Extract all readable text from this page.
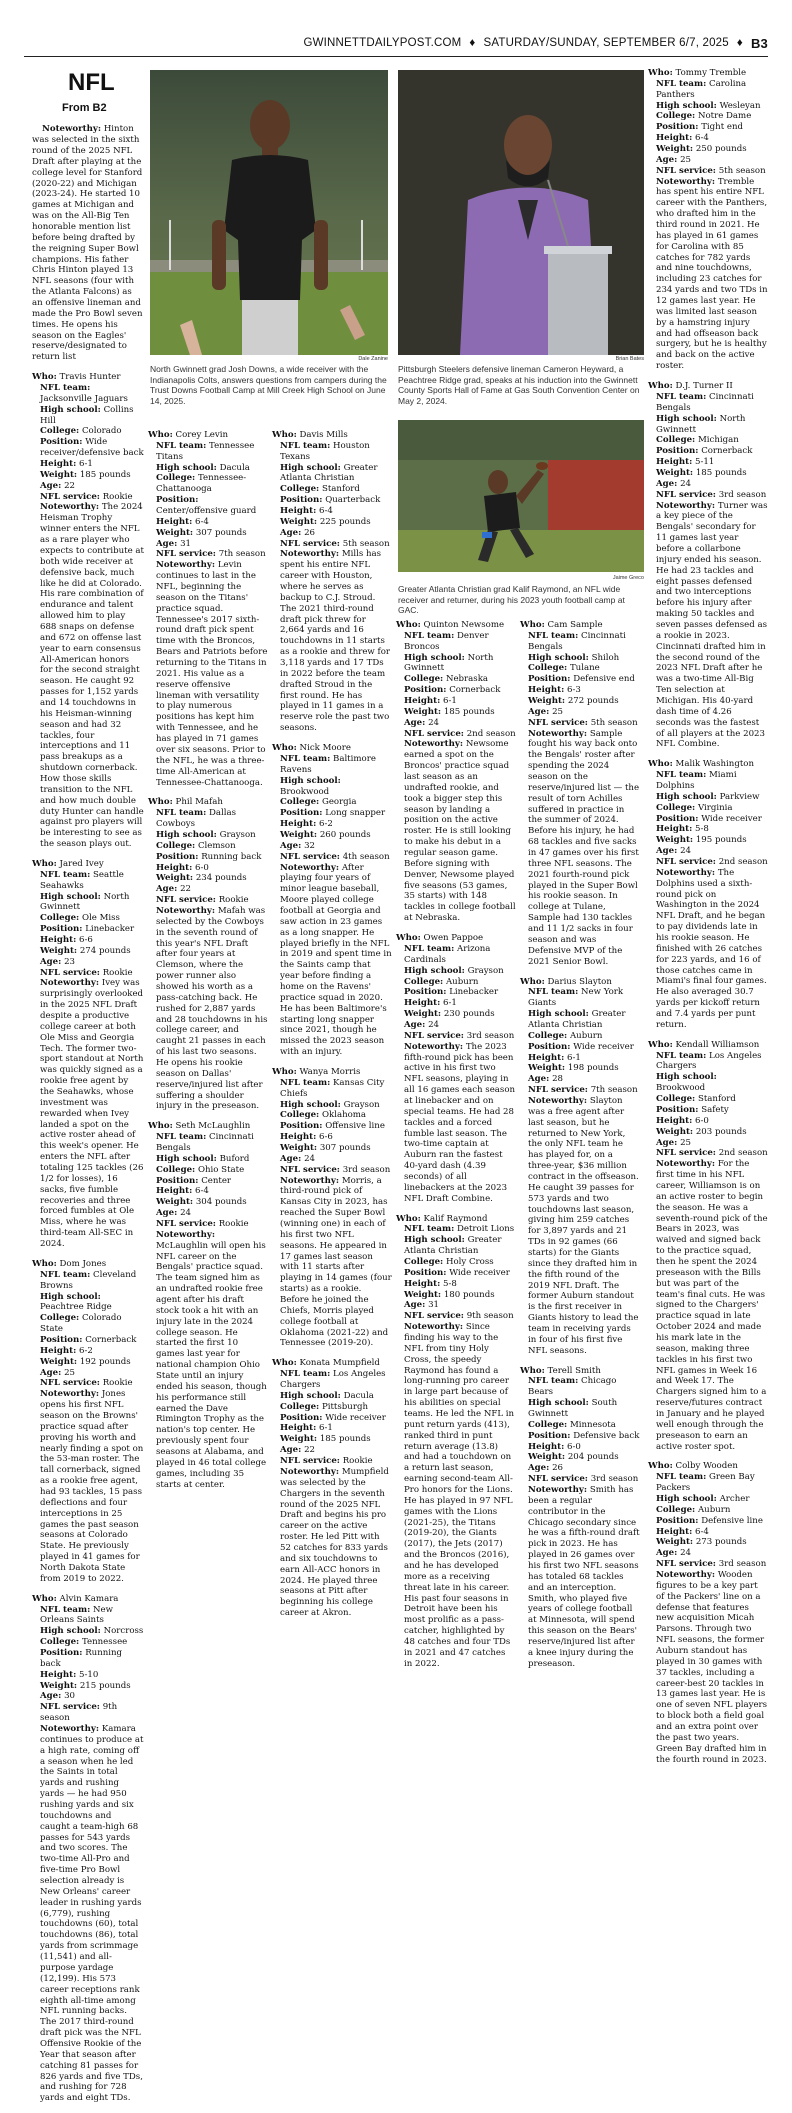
GWINNETTDAILYPOST.COM ♦ SATURDAY/SUNDAY, SEPTEMBER 6/7, 2025 ♦ B3
Dale Zanine
North Gwinnett grad Josh Downs, a wide receiver with the Indianapolis Colts, answers questions from campers during the Trust Downs Football Camp at Mill Creek High School on June 14, 2025.
Brian Bates
Pittsburgh Steelers defensive lineman Cameron Heyward, a Peachtree Ridge grad, speaks at his induction into the Gwinnett County Sports Hall of Fame at Gas South Convention Center on May 2, 2024.
Jaime Greco
Greater Atlanta Christian grad Kalif Raymond, an NFL wide receiver and returner, during his 2023 youth football camp at GAC.
NFL
From B2

Noteworthy: Hinton was selected in the sixth round of the 2025 NFL Draft after playing at the college level for Stanford (2020-22) and Michigan (2023-24). He started 10 games at Michigan and was on the All-Big Ten honorable mention list before being drafted by the reigning Super Bowl champions. His father Chris Hinton played 13 NFL seasons (four with the Atlanta Falcons) as an offensive lineman and made the Pro Bowl seven times. He opens his season on the Eagles' reserve/designated to return list

Who: Travis Hunter
NFL team: Jacksonville Jaguars
High school: Collins Hill
College: Colorado
Position: Wide receiver/defensive back
Height: 6-1
Weight: 185 pounds
Age: 22
NFL service: Rookie
Noteworthy: The 2024 Heisman Trophy winner enters the NFL as a rare player who expects to contribute at both wide receiver at defensive back, much like he did at Colorado. His rare combination of endurance and talent allowed him to play 688 snaps on defense and 672 on offense last year to earn consensus All-American honors for the second straight season. He caught 92 passes for 1,152 yards and 14 touchdowns in his Heisman-winning season and had 32 tackles, four interceptions and 11 pass breakups as a shutdown cornerback. How those skills transition to the NFL and how much double duty Hunter can handle against pro players will be interesting to see as the season plays out.
Who: Jared Ivey
NFL team: Seattle Seahawks
High school: North Gwinnett
College: Ole Miss
Position: Linebacker
Height: 6-6
Weight: 274 pounds
Age: 23
NFL service: Rookie
Noteworthy: Ivey was surprisingly overlooked in the 2025 NFL Draft despite a productive college career at both Ole Miss and Georgia Tech. The former two-sport standout at North was quickly signed as a rookie free agent by the Seahawks, whose investment was rewarded when Ivey landed a spot on the active roster ahead of this week's opener. He enters the NFL after totaling 125 tackles (26 1/2 for losses), 16 sacks, five fumble recoveries and three forced fumbles at Ole Miss, where he was third-team All-SEC in 2024.
Who: Dom Jones
NFL team: Cleveland Browns
High school: Peachtree Ridge
College: Colorado State
Position: Cornerback
Height: 6-2
Weight: 192 pounds
Age: 25
NFL service: Rookie
Noteworthy: Jones opens his first NFL season on the Browns' practice squad after proving his worth and nearly finding a spot on the 53-man roster. The tall cornerback, signed as a rookie free agent, had 93 tackles, 15 pass deflections and four interceptions in 25 games the past season seasons at Colorado State. He previously played in 41 games for North Dakota State from 2019 to 2022.
Who: Alvin Kamara
NFL team: New Orleans Saints
High school: Norcross
College: Tennessee
Position: Running back
Height: 5-10
Weight: 215 pounds
Age: 30
NFL service: 9th season
Noteworthy: Kamara continues to produce at a high rate, coming off a season when he led the Saints in total yards and rushing yards — he had 950 rushing yards and six touchdowns and caught a team-high 68 passes for 543 yards and two scores. The two-time All-Pro and five-time Pro Bowl selection already is New Orleans' career leader in rushing yards (6,779), rushing touchdowns (60), total touchdowns (86), total yards from scrimmage (11,541) and all-purpose yardage (12,199). His 573 career receptions rank eighth all-time among NFL running backs. The 2017 third-round draft pick was the NFL Offensive Rookie of the Year that season after catching 81 passes for 826 yards and five TDs, and rushing for 728 yards and eight TDs.
Who: Corey Levin
NFL team: Tennessee Titans
High school: Dacula
College: Tennessee-Chattanooga
Position: Center/offensive guard
Height: 6-4
Weight: 307 pounds
Age: 31
NFL service: 7th season
Noteworthy: Levin continues to last in the NFL, beginning the season on the Titans' practice squad. Tennessee's 2017 sixth-round draft pick spent time with the Broncos, Bears and Patriots before returning to the Titans in 2021. His value as a reserve offensive lineman with versatility to play numerous positions has kept him with Tennessee, and he has played in 71 games over six seasons. Prior to the NFL, he was a three-time All-American at Tennessee-Chattanooga.
Who: Phil Mafah
NFL team: Dallas Cowboys
High school: Grayson
College: Clemson
Position: Running back
Height: 6-0
Weight: 234 pounds
Age: 22
NFL service: Rookie
Noteworthy: Mafah was selected by the Cowboys in the seventh round of this year's NFL Draft after four years at Clemson, where the power runner also showed his worth as a pass-catching back. He rushed for 2,887 yards and 28 touchdowns in his college career, and caught 21 passes in each of his last two seasons. He opens his rookie season on Dallas' reserve/injured list after suffering a shoulder injury in the preseason.
Who: Seth McLaughlin
NFL team: Cincinnati Bengals
High school: Buford
College: Ohio State
Position: Center
Height: 6-4
Weight: 304 pounds
Age: 24
NFL service: Rookie
Noteworthy: McLaughlin will open his NFL career on the Bengals' practice squad. The team signed him as an undrafted rookie free agent after his draft stock took a hit with an injury late in the 2024 college season. He started the first 10 games last year for national champion Ohio State until an injury ended his season, though his performance still earned the Dave Rimington Trophy as the nation's top center. He previously spent four seasons at Alabama, and played in 46 total college games, including 35 starts at center.
Who: Davis Mills
NFL team: Houston Texans
High school: Greater Atlanta Christian
College: Stanford
Position: Quarterback
Height: 6-4
Weight: 225 pounds
Age: 26
NFL service: 5th season
Noteworthy: Mills has spent his entire NFL career with Houston, where he serves as backup to C.J. Stroud. The 2021 third-round draft pick threw for 2,664 yards and 16 touchdowns in 11 starts as a rookie and threw for 3,118 yards and 17 TDs in 2022 before the team drafted Stroud in the first round. He has played in 11 games in a reserve role the past two seasons.
Who: Nick Moore
NFL team: Baltimore Ravens
High school: Brookwood
College: Georgia
Position: Long snapper
Height: 6-2
Weight: 260 pounds
Age: 32
NFL service: 4th season
Noteworthy: After playing four years of minor league baseball, Moore played college football at Georgia and saw action in 23 games as a long snapper. He played briefly in the NFL in 2019 and spent time in the Saints camp that year before finding a home on the Ravens' practice squad in 2020. He has been Baltimore's starting long snapper since 2021, though he missed the 2023 season with an injury.
Who: Wanya Morris
NFL team: Kansas City Chiefs
High school: Grayson
College: Oklahoma
Position: Offensive line
Height: 6-6
Weight: 307 pounds
Age: 24
NFL service: 3rd season
Noteworthy: Morris, a third-round pick of Kansas City in 2023, has reached the Super Bowl (winning one) in each of his first two NFL seasons. He appeared in 17 games last season with 11 starts after playing in 14 games (four starts) as a rookie. Before he joined the Chiefs, Morris played college football at Oklahoma (2021-22) and Tennessee (2019-20).
Who: Konata Mumpfield
NFL team: Los Angeles Chargers
High school: Dacula
College: Pittsburgh
Position: Wide receiver
Height: 6-1
Weight: 185 pounds
Age: 22
NFL service: Rookie
Noteworthy: Mumpfield was selected by the Chargers in the seventh round of the 2025 NFL Draft and begins his pro career on the active roster. He led Pitt with 52 catches for 833 yards and six touchdowns to earn All-ACC honors in 2024. He played three seasons at Pitt after beginning his college career at Akron.
Who: Quinton Newsome
NFL team: Denver Broncos
High school: North Gwinnett
College: Nebraska
Position: Cornerback
Height: 6-1
Weight: 185 pounds
Age: 24
NFL service: 2nd season
Noteworthy: Newsome earned a spot on the Broncos' practice squad last season as an undrafted rookie, and took a bigger step this season by landing a position on the active roster. He is still looking to make his debut in a regular season game. Before signing with Denver, Newsome played five seasons (53 games, 35 starts) with 148 tackles in college football at Nebraska.
Who: Owen Pappoe
NFL team: Arizona Cardinals
High school: Grayson
College: Auburn
Position: Linebacker
Height: 6-1
Weight: 230 pounds
Age: 24
NFL service: 3rd season
Noteworthy: The 2023 fifth-round pick has been active in his first two NFL seasons, playing in all 16 games each season at linebacker and on special teams. He had 28 tackles and a forced fumble last season. The two-time captain at Auburn ran the fastest 40-yard dash (4.39 seconds) of all linebackers at the 2023 NFL Draft Combine.
Who: Kalif Raymond
NFL team: Detroit Lions
High school: Greater Atlanta Christian
College: Holy Cross
Position: Wide receiver
Height: 5-8
Weight: 180 pounds
Age: 31
NFL service: 9th season
Noteworthy: Since finding his way to the NFL from tiny Holy Cross, the speedy Raymond has found a long-running pro career in large part because of his abilities on special teams. He led the NFL in punt return yards (413), ranked third in punt return average (13.8) and had a touchdown on a return last season, earning second-team All-Pro honors for the Lions. He has played in 97 NFL games with the Lions (2021-25), the Titans (2019-20), the Giants (2017), the Jets (2017) and the Broncos (2016), and he has developed more as a receiving threat late in his career. His past four seasons in Detroit have been his most prolific as a pass-catcher, highlighted by 48 catches and four TDs in 2021 and 47 catches in 2022.
Who: Cam Sample
NFL team: Cincinnati Bengals
High school: Shiloh
College: Tulane
Position: Defensive end
Height: 6-3
Weight: 272 pounds
Age: 25
NFL service: 5th season
Noteworthy: Sample fought his way back onto the Bengals' roster after spending the 2024 season on the reserve/injured list — the result of torn Achilles suffered in practice in the summer of 2024. Before his injury, he had 68 tackles and five sacks in 47 games over his first three NFL seasons. The 2021 fourth-round pick played in the Super Bowl his rookie season. In college at Tulane, Sample had 130 tackles and 11 1/2 sacks in four season and was Defensive MVP of the 2021 Senior Bowl.
Who: Darius Slayton
NFL team: New York Giants
High school: Greater Atlanta Christian
College: Auburn
Position: Wide receiver
Height: 6-1
Weight: 198 pounds
Age: 28
NFL service: 7th season
Noteworthy: Slayton was a free agent after last season, but he returned to New York, the only NFL team he has played for, on a three-year, $36 million contract in the offseason. He caught 39 passes for 573 yards and two touchdowns last season, giving him 259 catches for 3,897 yards and 21 TDs in 92 games (66 starts) for the Giants since they drafted him in the fifth round of the 2019 NFL Draft. The former Auburn standout is the first receiver in Giants history to lead the team in receiving yards in four of his first five NFL seasons.
Who: Terell Smith
NFL team: Chicago Bears
High school: South Gwinnett
College: Minnesota
Position: Defensive back
Height: 6-0
Weight: 204 pounds
Age: 26
NFL service: 3rd season
Noteworthy: Smith has been a regular contributor in the Chicago secondary since he was a fifth-round draft pick in 2023. He has played in 26 games over his first two NFL seasons has totaled 68 tackles and an interception. Smith, who played five years of college football at Minnesota, will spend this season on the Bears' reserve/injured list after a knee injury during the preseason.
Who: Tommy Tremble
NFL team: Carolina Panthers
High school: Wesleyan
College: Notre Dame
Position: Tight end
Height: 6-4
Weight: 250 pounds
Age: 25
NFL service: 5th season
Noteworthy: Tremble has spent his entire NFL career with the Panthers, who drafted him in the third round in 2021. He has played in 61 games for Carolina with 85 catches for 782 yards and nine touchdowns, including 23 catches for 234 yards and two TDs in 12 games last year. He was limited last season by a hamstring injury and had offseason back surgery, but he is healthy and back on the active roster.
Who: D.J. Turner II
NFL team: Cincinnati Bengals
High school: North Gwinnett
College: Michigan
Position: Cornerback
Height: 5-11
Weight: 185 pounds
Age: 24
NFL service: 3rd season
Noteworthy: Turner was a key piece of the Bengals' secondary for 11 games last year before a collarbone injury ended his season. He had 23 tackles and eight passes defensed and two interceptions before his injury after making 50 tackles and seven passes defensed as a rookie in 2023. Cincinnati drafted him in the second round of the 2023 NFL Draft after he was a two-time All-Big Ten selection at Michigan. His 40-yard dash time of 4.26 seconds was the fastest of all players at the 2023 NFL Combine.
Who: Malik Washington
NFL team: Miami Dolphins
High school: Parkview
College: Virginia
Position: Wide receiver
Height: 5-8
Weight: 195 pounds
Age: 24
NFL service: 2nd season
Noteworthy: The Dolphins used a sixth-round pick on Washington in the 2024 NFL Draft, and he began to pay dividends late in his rookie season. He finished with 26 catches for 223 yards, and 16 of those catches came in Miami's final four games. He also averaged 30.7 yards per kickoff return and 7.4 yards per punt return.
Who: Kendall Williamson
NFL team: Los Angeles Chargers
High school: Brookwood
College: Stanford
Position: Safety
Height: 6-0
Weight: 203 pounds
Age: 25
NFL service: 2nd season
Noteworthy: For the first time in his NFL career, Williamson is on an active roster to begin the season. He was a seventh-round pick of the Bears in 2023, was waived and signed back to the practice squad, then he spent the 2024 preseason with the Bills but was part of the team's final cuts. He was signed to the Chargers' practice squad in late October 2024 and made his mark late in the season, making three tackles in his first two NFL games in Week 16 and Week 17. The Chargers signed him to a reserve/futures contract in January and he played well enough through the preseason to earn an active roster spot.
Who: Colby Wooden
NFL team: Green Bay Packers
High school: Archer
College: Auburn
Position: Defensive line
Height: 6-4
Weight: 273 pounds
Age: 24
NFL service: 3rd season
Noteworthy: Wooden figures to be a key part of the Packers' line on a defense that features new acquisition Micah Parsons. Through two NFL seasons, the former Auburn standout has played in 30 games with 37 tackles, including a career-best 20 tackles in 13 games last year. He is one of seven NFL players to block both a field goal and an extra point over the past two years. Green Bay drafted him in the fourth round in 2023.
